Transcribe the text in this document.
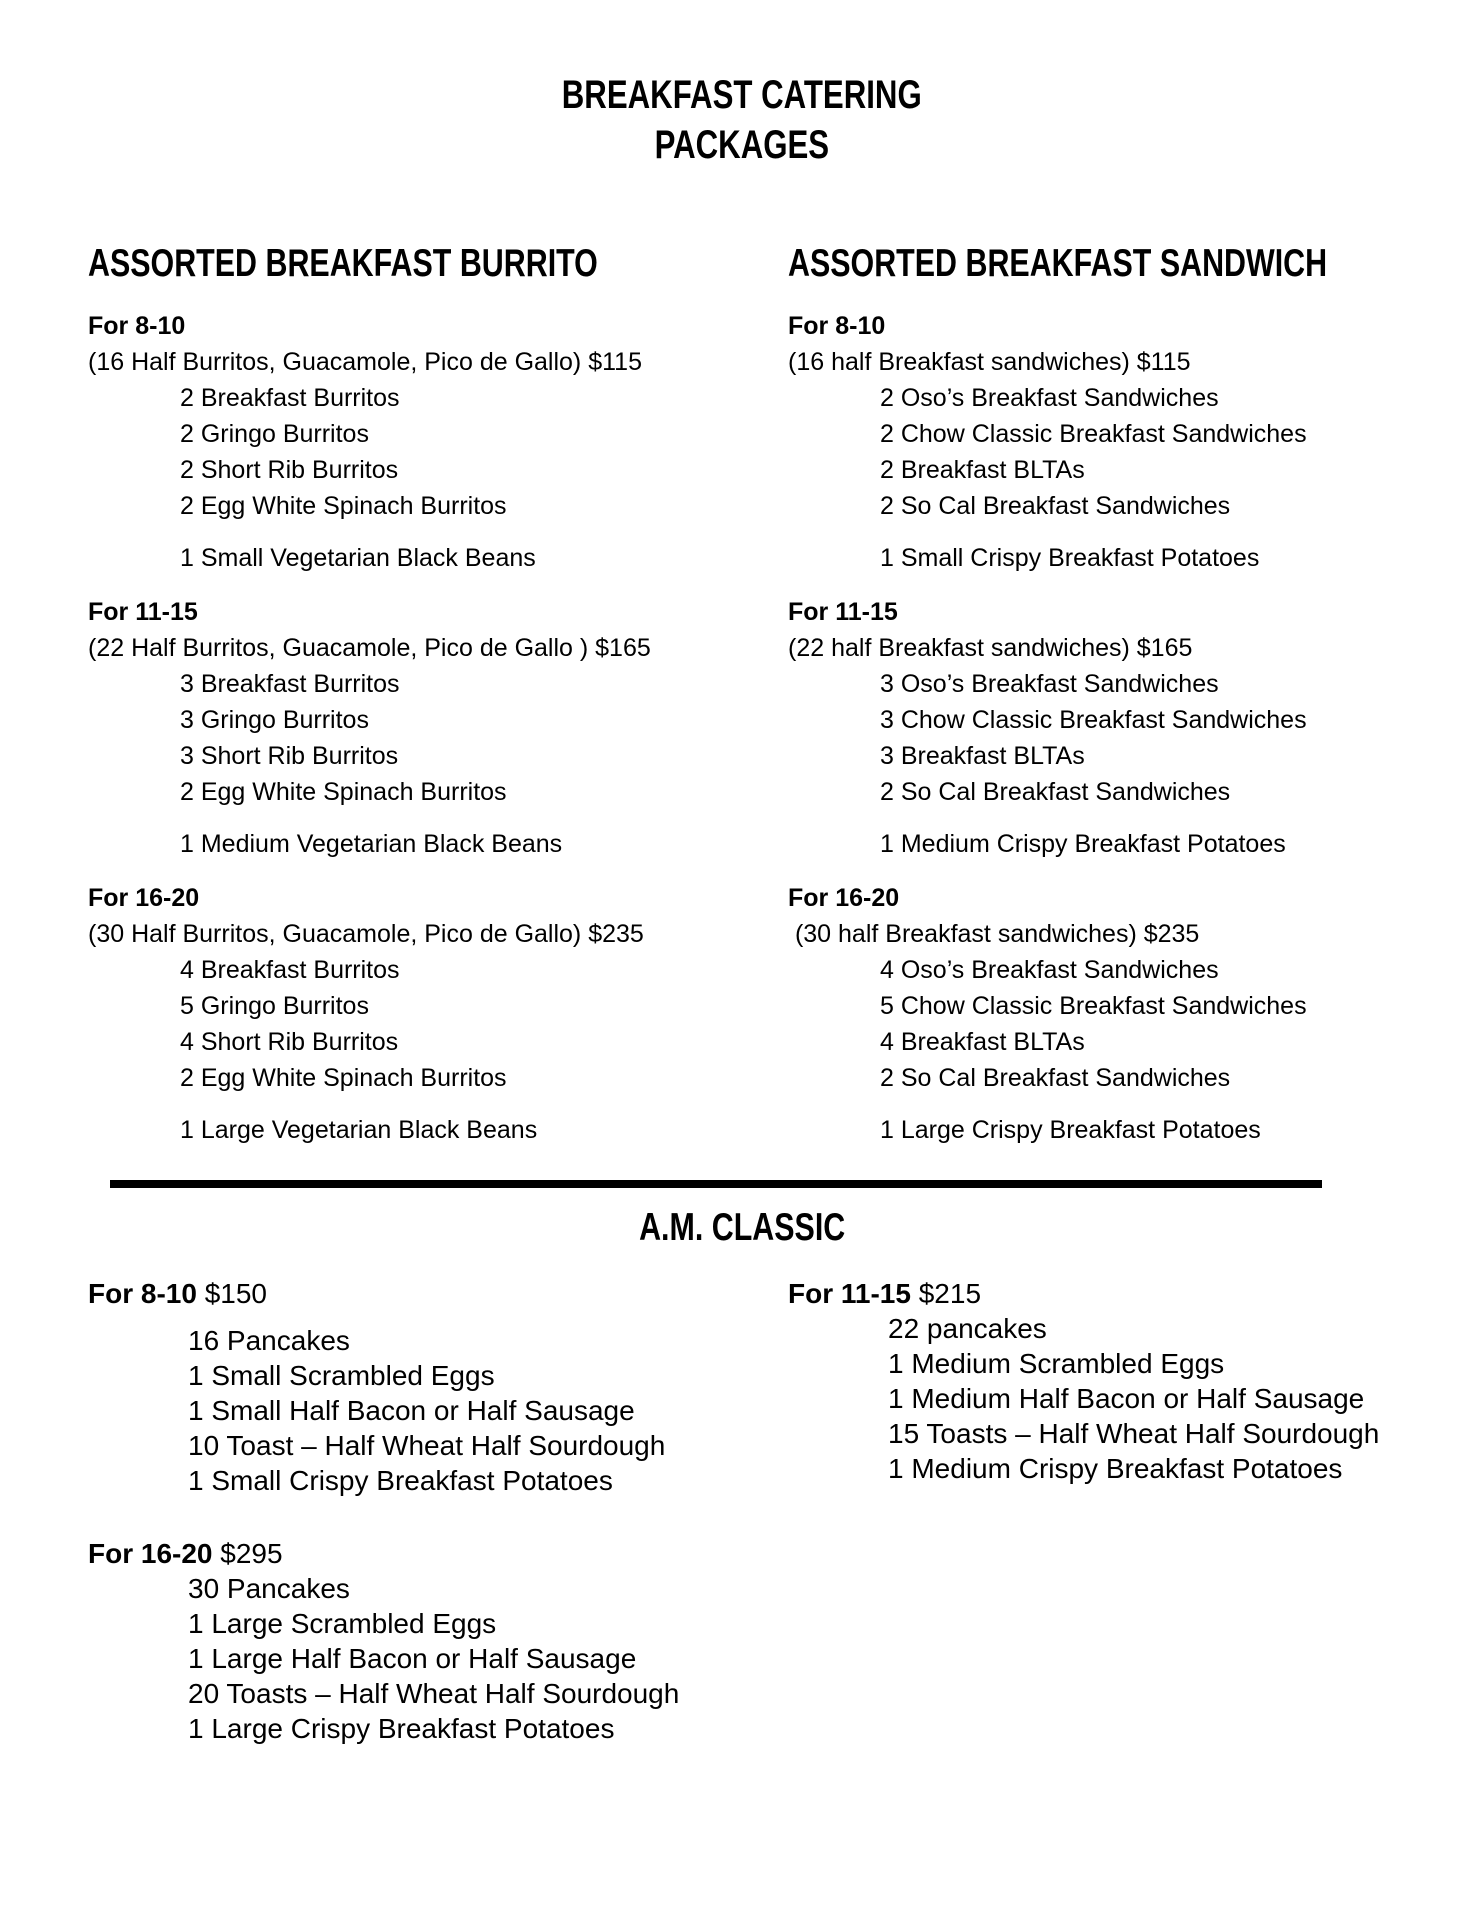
BREAKFAST CATERING
PACKAGES
ASSORTED BREAKFAST BURRITO
For 8-10
(16 Half Burritos, Guacamole, Pico de Gallo) $115
2 Breakfast Burritos
2 Gringo Burritos
2 Short Rib Burritos
2 Egg White Spinach Burritos
1 Small Vegetarian Black Beans
For 11-15
(22 Half Burritos, Guacamole, Pico de Gallo ) $165
3 Breakfast Burritos
3 Gringo Burritos
3 Short Rib Burritos
2 Egg White Spinach Burritos
1 Medium Vegetarian Black Beans
For 16-20
(30 Half Burritos, Guacamole, Pico de Gallo) $235
4 Breakfast Burritos
5 Gringo Burritos
4 Short Rib Burritos
2 Egg White Spinach Burritos
1 Large Vegetarian Black Beans
ASSORTED BREAKFAST SANDWICH
For 8-10
(16 half Breakfast sandwiches) $115
2 Oso’s Breakfast Sandwiches
2 Chow Classic Breakfast Sandwiches
2 Breakfast BLTAs
2 So Cal Breakfast Sandwiches
1 Small Crispy Breakfast Potatoes
For 11-15
(22 half Breakfast sandwiches) $165
3 Oso’s Breakfast Sandwiches
3 Chow Classic Breakfast Sandwiches
3 Breakfast BLTAs
2 So Cal Breakfast Sandwiches
1 Medium Crispy Breakfast Potatoes
For 16-20
(30 half Breakfast sandwiches) $235
4 Oso’s Breakfast Sandwiches
5 Chow Classic Breakfast Sandwiches
4 Breakfast BLTAs
2 So Cal Breakfast Sandwiches
1 Large Crispy Breakfast Potatoes
A.M. CLASSIC
For 8-10 $150
16 Pancakes
1 Small Scrambled Eggs
1 Small Half Bacon or Half Sausage
10 Toast – Half Wheat Half Sourdough
1 Small Crispy Breakfast Potatoes
For 16-20 $295
30 Pancakes
1 Large Scrambled Eggs
1 Large Half Bacon or Half Sausage
20 Toasts – Half Wheat Half Sourdough
1 Large Crispy Breakfast Potatoes
For 11-15 $215
22 pancakes
1 Medium Scrambled Eggs
1 Medium Half Bacon or Half Sausage
15 Toasts – Half Wheat Half Sourdough
1 Medium Crispy Breakfast Potatoes
